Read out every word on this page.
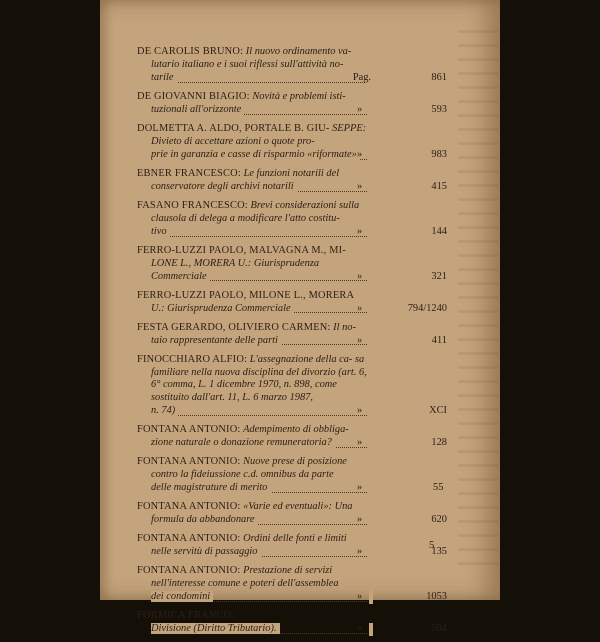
DE CAROLIS BRUNO: Il nuovo ordinamento va- lutario italiano e i suoi riflessi sull'attività no-
tarile	Pag.	861
DE GIOVANNI BIAGIO: Novità e problemi isti-
tuzionali all'orizzonte	»	593
DOLMETTA A. ALDO, PORTALE B. GIU- SEPPE: Divieto di accettare azioni o quote pro-
prie in garanzia e casse di risparmio «riformate» »	983
EBNER FRANCESCO: Le funzioni notarili del
conservatore degli archivi notarili	»	415
FASANO FRANCESCO: Brevi considerazioni sulla clausola di delega a modificare l'atto costitu-
tivo	»	144
FERRO-LUZZI PAOLO, MALVAGNA M., MI- LONE L., MORERA U.: Giurisprudenza
Commerciale	»	321
FERRO-LUZZI PAOLO, MILONE L., MORERA
U.: Giurisprudenza Commerciale	»	794/1240
FESTA GERARDO, OLIVIERO CARMEN: Il no-
taio rappresentante delle parti	»	411
FINOCCHIARO ALFIO: L'assegnazione della ca- sa familiare nella nuova disciplina del divorzio (art. 6, 6° comma, L. 1 dicembre 1970, n. 898, come sostituito dall'art. 11, L. 6 marzo 1987,
n. 74)	»	XCI
FONTANA ANTONIO: Adempimento di obbliga-
zione naturale o donazione remuneratoria?	»	128
FONTANA ANTONIO: Nuove prese di posizione contro la fideiussione c.d. omnibus da parte
delle magistrature di merito	»	55
FONTANA ANTONIO: «Varie ed eventuali»: Una
formula da abbandonare	»	620
FONTANA ANTONIO: Ordini delle fonti e limiti
nelle servitù di passaggio	»	135
FONTANA ANTONIO: Prestazione di servizi nell'interesse comune e poteri dell'assemblea
dei condomini	»	1053
FORMICA FRANCO:
Divisione (Diritto Tributario).	»	504
5
